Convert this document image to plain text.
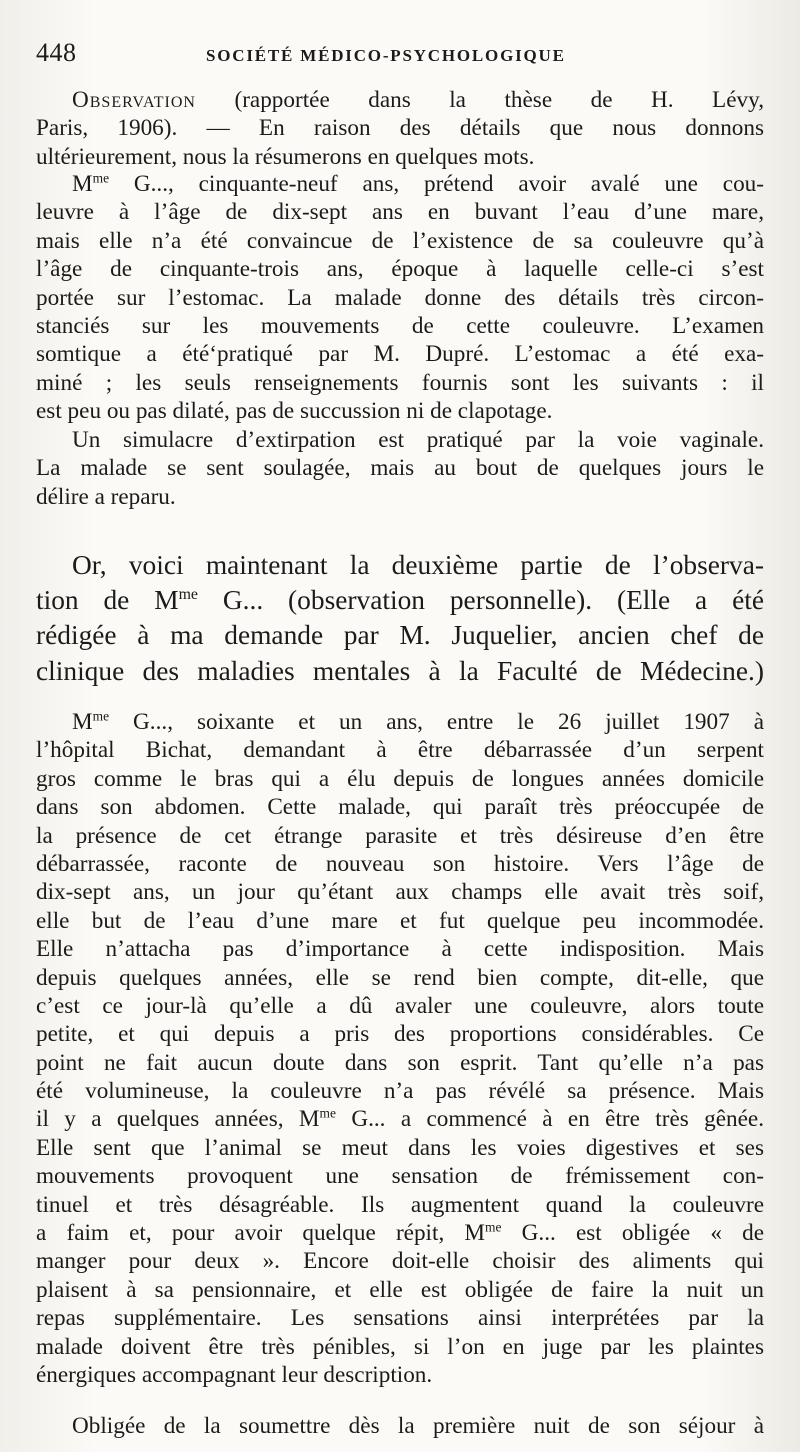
448	SOCIÉTÉ MÉDICO-PSYCHOLOGIQUE
Observation (rapportée dans la thèse de H. Lévy,
Paris, 1906). — En raison des détails que nous donnons
ultérieurement, nous la résumerons en quelques mots.
$M^{me}$ G..., cinquante-neuf ans, prétend avoir avalé une cou-
leuvre à l’âge de dix-sept ans en buvant l’eau d’une mare,
mais elle n’a été convaincue de l’existence de sa couleuvre qu’à
l’âge de cinquante-trois ans, époque à laquelle celle-ci s’est
portée sur l’estomac. La malade donne des détails très circon-
stanciés sur les mouvements de cette couleuvre. L’examen
somtique a été‘pratiqué par M. Dupré. L’estomac a été exa-
miné ; les seuls renseignements fournis sont les suivants : il
est peu ou pas dilaté, pas de succussion ni de clapotage.
Un simulacre d’extirpation est pratiqué par la voie vaginale.
La malade se sent soulagée, mais au bout de quelques jours le
délire a reparu.
Or, voici maintenant la deuxième partie de l’observa-
tion de $M^{me}$ G... (observation personnelle). (Elle a été
rédigée à ma demande par M. Juquelier, ancien chef de
clinique des maladies mentales à la Faculté de Médecine.)
$M^{me}$ G..., soixante et un ans, entre le 26 juillet 1907 à
l’hôpital Bichat, demandant à être débarrassée d’un serpent
gros comme le bras qui a élu depuis de longues années domicile
dans son abdomen. Cette malade, qui paraît très préoccupée de
la présence de cet étrange parasite et très désireuse d’en être
débarrassée, raconte de nouveau son histoire. Vers l’âge de
dix-sept ans, un jour qu’étant aux champs elle avait très soif,
elle but de l’eau d’une mare et fut quelque peu incommodée.
Elle n’attacha pas d’importance à cette indisposition. Mais
depuis quelques années, elle se rend bien compte, dit-elle, que
c’est ce jour-là qu’elle a dû avaler une couleuvre, alors toute
petite, et qui depuis a pris des proportions considérables. Ce
point ne fait aucun doute dans son esprit. Tant qu’elle n’a pas
été volumineuse, la couleuvre n’a pas révélé sa présence. Mais
il y a quelques années, $M^{me}$ G... a commencé à en être très gênée.
Elle sent que l’animal se meut dans les voies digestives et ses
mouvements provoquent une sensation de frémissement con-
tinuel et très désagréable. Ils augmentent quand la couleuvre
a faim et, pour avoir quelque répit, $M^{me}$ G... est obligée « de
manger pour deux ». Encore doit-elle choisir des aliments qui
plaisent à sa pensionnaire, et elle est obligée de faire la nuit un
repas supplémentaire. Les sensations ainsi interprétées par la
malade doivent être très pénibles, si l’on en juge par les plaintes
énergiques accompagnant leur description.
Obligée de la soumettre dès la première nuit de son séjour à
